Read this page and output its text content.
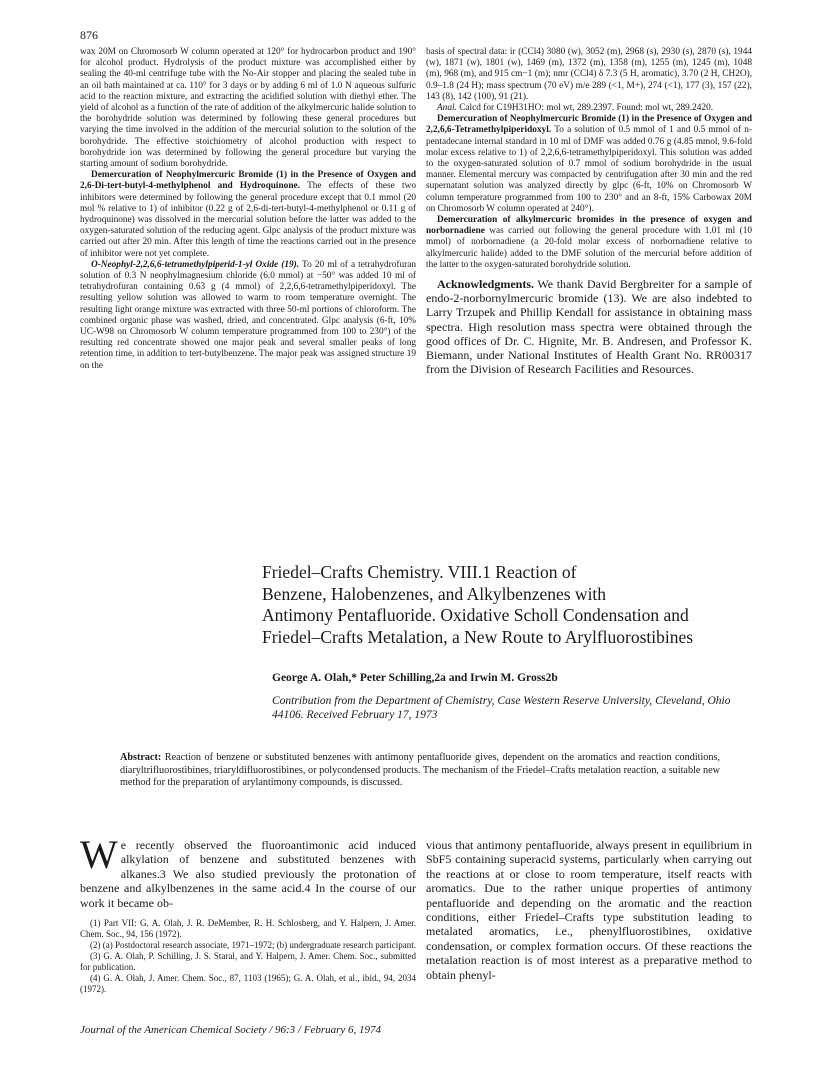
876

wax 20M on Chromosorb W column operated at 120° for hydrocarbon product and 190° for alcohol product. Hydrolysis of the product mixture was accomplished either by sealing the 40-ml centrifuge tube with the No-Air stopper and placing the sealed tube in an oil bath maintained at ca. 110° for 3 days or by adding 6 ml of 1.0 N aqueous sulfuric acid to the reaction mixture, and extracting the acidified solution with diethyl ether. The yield of alcohol as a function of the rate of addition of the alkylmercuric halide solution to the borohydride solution was determined by following these general procedures but varying the time involved in the addition of the mercurial solution to the solution of the borohydride. The effective stoichiometry of alcohol production with respect to borohydride ion was determined by following the general procedure but varying the starting amount of sodium borohydride.

Demercuration of Neophylmercuric Bromide (1) in the Presence of Oxygen and 2,6-Di-tert-butyl-4-methylphenol and Hydroquinone. The effects of these two inhibitors were determined by following the general procedure except that 0.1 mmol (20 mol % relative to 1) of inhibitor (0.22 g of 2,6-di-tert-butyl-4-methylphenol or 0.11 g of hydroquinone) was dissolved in the mercurial solution before the latter was added to the oxygen-saturated solution of the reducing agent. Glpc analysis of the product mixture was carried out after 20 min. After this length of time the reactions carried out in the presence of inhibitor were not yet complete.

O-Neophyl-2,2,6,6-tetramethylpiperid-1-yl Oxide (19). To 20 ml of a tetrahydrofuran solution of 0.3 N neophylmagnesium chloride (6.0 mmol) at −50° was added 10 ml of tetrahydrofuran containing 0.63 g (4 mmol) of 2,2,6,6-tetramethylpiperidoxyl. The resulting yellow solution was allowed to warm to room temperature overnight. The resulting light orange mixture was extracted with three 50-ml portions of chloroform. The combined organic phase was washed, dried, and concentrated. Glpc analysis (6-ft, 10% UC-W98 on Chromosorb W column temperature programmed from 100 to 230°) of the resulting red concentrate showed one major peak and several smaller peaks of long retention time, in addition to tert-butylbenzene. The major peak was assigned structure 19 on the

basis of spectral data: ir (CCl4) 3080 (w), 3052 (m), 2968 (s), 2930 (s), 2870 (s), 1944 (w), 1871 (w), 1801 (w), 1469 (m), 1372 (m), 1358 (m), 1255 (m), 1245 (m), 1048 (m), 968 (m), and 915 cm−1 (m); nmr (CCl4) δ 7.3 (5 H, aromatic), 3.70 (2 H, CH2O), 0.9–1.8 (24 H); mass spectrum (70 eV) m/e 289 (<1, M+), 274 (<1), 177 (3), 157 (22), 143 (8), 142 (100), 91 (21).

Anal. Calcd for C19H31HO: mol wt, 289.2397. Found: mol wt, 289.2420.

Demercuration of Neophylmercuric Bromide (1) in the Presence of Oxygen and 2,2,6,6-Tetramethylpiperidoxyl. To a solution of 0.5 mmol of 1 and 0.5 mmol of n-pentadecane internal standard in 10 ml of DMF was added 0.76 g (4.85 mmol, 9.6-fold molar excess relative to 1) of 2,2,6,6-tetramethylpiperidoxyl. This solution was added to the oxygen-saturated solution of 0.7 mmol of sodium borohydride in the usual manner. Elemental mercury was compacted by centrifugation after 30 min and the red supernatant solution was analyzed directly by glpc (6-ft, 10% on Chromosorb W column temperature programmed from 100 to 230° and an 8-ft, 15% Carbowax 20M on Chromosorb W column operated at 240°).

Demercuration of alkylmercuric bromides in the presence of oxygen and norbornadiene was carried out following the general procedure with 1.01 ml (10 mmol) of norbornadiene (a 20-fold molar excess of norbornadiene relative to alkylmercuric halide) added to the DMF solution of the mercurial before addition of the latter to the oxygen-saturated borohydride solution.

Acknowledgments. We thank David Bergbreiter for a sample of endo-2-norbornylmercuric bromide (13). We are also indebted to Larry Trzupek and Phillip Kendall for assistance in obtaining mass spectra. High resolution mass spectra were obtained through the good offices of Dr. C. Hignite, Mr. B. Andresen, and Professor K. Biemann, under National Institutes of Health Grant No. RR00317 from the Division of Research Facilities and Resources.

Friedel–Crafts Chemistry. VIII.1 Reaction of
Benzene, Halobenzenes, and Alkylbenzenes with
Antimony Pentafluoride. Oxidative Scholl Condensation and
Friedel–Crafts Metalation, a New Route to Arylfluorostibines
George A. Olah,* Peter Schilling,2a and Irwin M. Gross2b
Contribution from the Department of Chemistry, Case Western Reserve University, Cleveland, Ohio 44106. Received February 17, 1973
Abstract: Reaction of benzene or substituted benzenes with antimony pentafluoride gives, dependent on the aromatics and reaction conditions, diaryltrifluorostibines, triaryldifluorostibines, or polycondensed products. The mechanism of the Friedel–Crafts metalation reaction, a suitable new method for the preparation of arylantimony compounds, is discussed.
We recently observed the fluoroantimonic acid induced alkylation of benzene and substituted benzenes with alkanes.3 We also studied previously the protonation of benzene and alkylbenzenes in the same acid.4 In the course of our work it became ob-

(1) Part VII: G. A. Olah, J. R. DeMember, R. H. Schlosberg, and Y. Halpern, J. Amer. Chem. Soc., 94, 156 (1972).

(2) (a) Postdoctoral research associate, 1971–1972; (b) undergraduate research participant.

(3) G. A. Olah, P. Schilling, J. S. Staral, and Y. Halpern, J. Amer. Chem. Soc., submitted for publication.

(4) G. A. Olah, J. Amer. Chem. Soc., 87, 1103 (1965); G. A. Olah, et al., ibid., 94, 2034 (1972).

vious that antimony pentafluoride, always present in equilibrium in SbF5 containing superacid systems, particularly when carrying out the reactions at or close to room temperature, itself reacts with aromatics. Due to the rather unique properties of antimony pentafluoride and depending on the aromatic and the reaction conditions, either Friedel–Crafts type substitution leading to metalated aromatics, i.e., phenylfluorostibines, oxidative condensation, or complex formation occurs. Of these reactions the metalation reaction is of most interest as a preparative method to obtain phenyl-
Journal of the American Chemical Society / 96:3 / February 6, 1974
